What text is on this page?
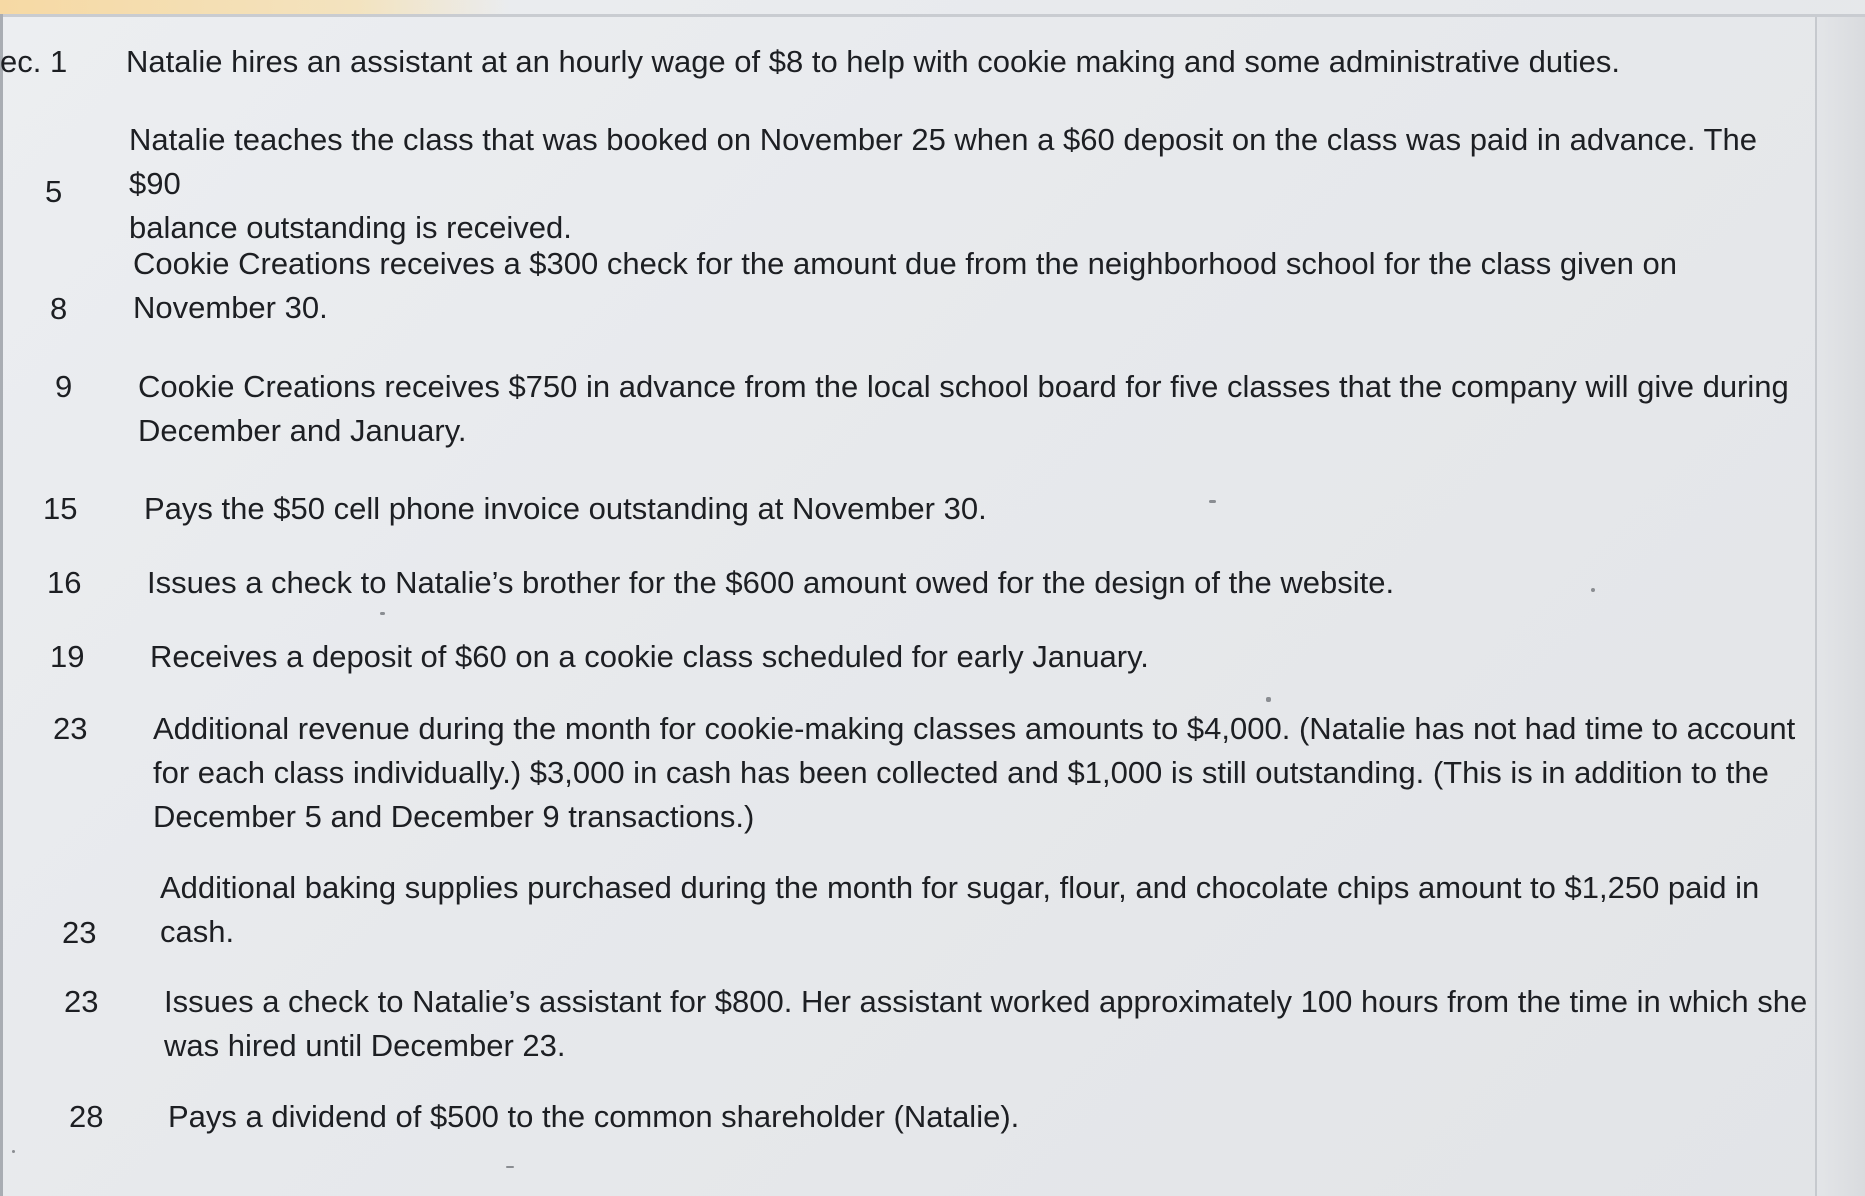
ec. 1 Natalie hires an assistant at an hourly wage of $8 to help with cookie making and some administrative duties.
5
Natalie teaches the class that was booked on November 25 when a $60 deposit on the class was paid in advance. The $90
balance outstanding is received.
8
Cookie Creations receives a $300 check for the amount due from the neighborhood school for the class given on
November 30.
9 Cookie Creations receives $750 in advance from the local school board for five classes that the company will give during
December and January.
15 Pays the $50 cell phone invoice outstanding at November 30.
16 Issues a check to Natalie’s brother for the $600 amount owed for the design of the website.
19 Receives a deposit of $60 on a cookie class scheduled for early January.
23 Additional revenue during the month for cookie-making classes amounts to $4,000. (Natalie has not had time to account
for each class individually.) $3,000 in cash has been collected and $1,000 is still outstanding. (This is in addition to the
December 5 and December 9 transactions.)
23
Additional baking supplies purchased during the month for sugar, flour, and chocolate chips amount to $1,250 paid in
cash.
23 Issues a check to Natalie’s assistant for $800. Her assistant worked approximately 100 hours from the time in which she
was hired until December 23.
28 Pays a dividend of $500 to the common shareholder (Natalie).
